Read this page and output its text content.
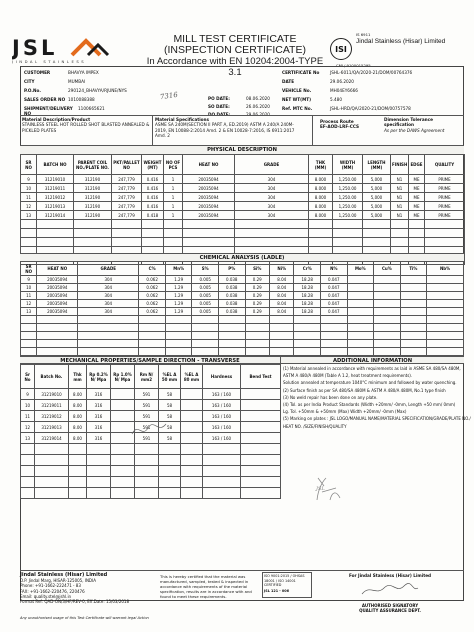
JSL
JINDAL STAINLESS
MILL TEST CERTIFICATE
(INSPECTION CERTIFICATE)
In Accordance with EN 10204:2004-TYPE 3.1
IS 6911
ISI
Jindal Stainless (Hisar) Limited
CML/ 9100015295
CUSTOMER	BHAVYA IMPEX
CITY	MUMBAI
P.O.No.	290124_BHAVYA/RJUNE/NYS
SALES ORDER NO 1010088388
SHIPMENT/DELIVERY NO
1100665621
PO DATE:	08.06.2020
SO DATE:	26.06.2020
DO DATE:	29.06.2020
CERTIFICATE No	JSHL-6011/QA/2020-21/DOM/00764376
DATE	29.06.2020
VEHICLE No.	MH04EY6666
NET WT(MT)	5.480
Ref. MTC No.	JSHL-HRD/QA/2020-21/DOM/00757578
7316
Material Description/Product
STAINLESS STEEL HOT ROLLED SHOT BLASTED ANNEALED & PICKLED PLATES
Material Specifications
ASME SA 240M(SECTION II PART A, ED.2019) ASTM A 240/A 240M-2019, EN 10088-2:2014 Amd. 2 & EN 10028-7:2016, IS 6911:2017 Amd. 2
Process Route
EF-AOD-LRF-CCS
Dimension Tolerance specification
As per the DAWS Agreement
PHYSICAL DESCRIPTION
SR NO	BATCH NO	PARENT COIL NO./PLATE NO.	PKT/PALLET NO	WEIGHT (MT)	NO OF PCS	HEAT NO	GRADE	THK (MM)	WIDTH (MM)	LENGTH (MM)	FINISH	EDGE	QUALITY
9	31219010	312190	247,779	0.416	1	20035094	304	8.000	1,250.00	5,000	N1	ME	PRIME
10	31219011	312190	247,779	0.416	1	20035094	304	8.000	1,250.00	5,000	N1	ME	PRIME
11	31219012	312190	247,779	0.416	1	20035094	304	8.000	1,250.00	5,000	N1	ME	PRIME
12	31219013	312190	247,779	0.416	1	20035094	304	8.000	1,250.00	5,000	N1	ME	PRIME
13	31219014	312190	247,779	0.418	1	20035094	304	8.000	1,250.00	5,000	N1	ME	PRIME

CHEMICAL ANALYSIS (LADLE)
SR NO	HEAT NO	GRADE	C%	Mn%	S%	P%	Si%	Ni%	Cr%	N%	Mo%	Cu%	Ti%	Nb%
9	20035094	304	0.062	1.29	0.005	0.038	0.29	8.04	18.28	0.047				
10	20035094	304	0.062	1.29	0.005	0.038	0.29	8.04	18.28	0.047				
11	20035094	304	0.062	1.29	0.005	0.038	0.29	8.04	18.28	0.047				
12	20035094	304	0.062	1.29	0.005	0.038	0.29	8.04	18.28	0.047				
13	20035094	304	0.062	1.29	0.005	0.038	0.29	8.04	18.28	0.047				

MECHANICAL PROPERTIES/SAMPLE DIRECTION - TRANSVERSE	ADDITIONAL INFORMATION
Sr No	Batch No.	Thk mm	Rp 0.2% N/ Mpa	Rp 1.0% N/ Mpa	Rm N/ mm2	%EL A 50 mm	%EL A 80 mm	Hardness	Bend Test
9	31219010	8.00	316		591	58		163 / 160	
10	31219011	8.00	316		591	58		163 / 160	
11	31219012	8.00	316		591	58		163 / 160	
12	31219013	8.00	316		591	58		163 / 160	
13	31219014	8.00	316		591	58		163 / 160	

(1) Material annealed in accordance with requirements as laid in ASME SA 480/SA 480M,
ASTM A 480/A 480M (Table A 1.2, heat treatment requirements).
Solution annealed at temperature 1040°C minimum and followed by water quenching.
(2) Surface finish as per SA 480/SA 480M & ASTM A 480/A 480M, No.1 type finish
(3) No weld repair has been done on any plate.
(4) Tol. as per India Product Standards (Width +20mm/ -0mm, Length +50 mm/ 0mm)
Lg. Tol. +50mm & +50mm (Max) Width +20mm/ -0mm (Max)
(5) Marking on plates : JSL LOGO/MANUAL NAME/MATERIAL SPECIFICATION/GRADE/PLATE NO./
HEAT NO. /SIZE/FINISH/QUALITY
JSL
Jindal Stainless (Hisar) Limited
O.P. Jindal Marg, HISAR-125005, INDIA
Phone: +91-1662-222471 - 83
FAX: +91-1662-220476, 220476
Email: quality.stel@jshl.in
Format Ref: QAD-ON/3/HF/REV-0, Eff.Date: 15/03/2018
This is hereby certified that the material was manufactured, sampled, tested & inspected in accordance with requirements of the material specification, results are in accordance with and found to meet these requirements.
ISO 9001:2015 / OHSAS 18001 / ISO 14001 CERTIFIED
JSL 121 - 006
For Jindal Stainless (Hisar) Limited
AUTHORISED SIGNATORY
QUALITY ASSURANCE DEPT.
Any unauthorised usage of this Test Certificate will warrant legal Action
